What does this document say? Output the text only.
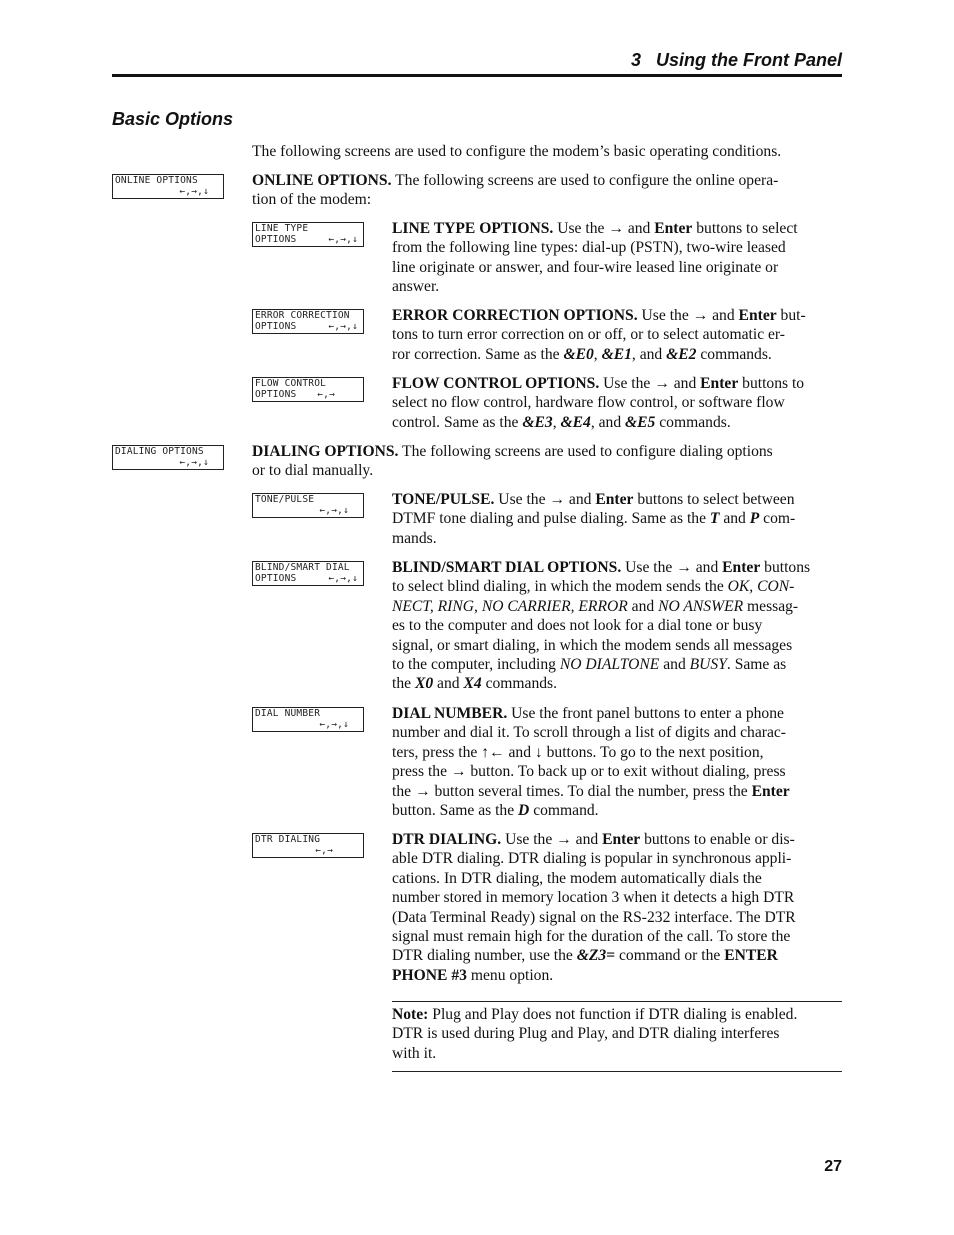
3   Using the Front Panel
Basic Options

The following screens are used to configure the modem’s basic operating conditions.

ONLINE OPTIONS
←,→,↓

ONLINE OPTIONS. The following screens are used to configure the online opera-
tion of the modem:

LINE TYPE
OPTIONS	←,→,↓

LINE TYPE OPTIONS. Use the → and Enter buttons to select
from the following line types: dial-up (PSTN), two-wire leased
line originate or answer, and four-wire leased line originate or
answer.

ERROR CORRECTION
OPTIONS	←,→,↓

ERROR CORRECTION OPTIONS. Use the → and Enter but-
tons to turn error correction on or off, or to select automatic er-
ror correction. Same as the &E0, &E1, and &E2 commands.

FLOW CONTROL
OPTIONS	←,→

FLOW CONTROL OPTIONS. Use the → and Enter buttons to
select no flow control, hardware flow control, or software flow
control. Same as the &E3, &E4, and &E5 commands.

DIALING OPTIONS
←,→,↓

DIALING OPTIONS. The following screens are used to configure dialing options
or to dial manually.

TONE/PULSE
←,→,↓

TONE/PULSE. Use the → and Enter buttons to select between
DTMF tone dialing and pulse dialing. Same as the T and P com-
mands.

BLIND/SMART DIAL
OPTIONS	←,→,↓

BLIND/SMART DIAL OPTIONS. Use the → and Enter buttons
to select blind dialing, in which the modem sends the OK, CON-
NECT, RING, NO CARRIER, ERROR and NO ANSWER messag-
es to the computer and does not look for a dial tone or busy
signal, or smart dialing, in which the modem sends all messages
to the computer, including NO DIALTONE and BUSY. Same as
the X0 and X4 commands.

DIAL NUMBER
←,→,↓

DIAL NUMBER. Use the front panel buttons to enter a phone
number and dial it. To scroll through a list of digits and charac-
ters, press the ↑← and ↓ buttons. To go to the next position,
press the → button. To back up or to exit without dialing, press
the → button several times. To dial the number, press the Enter
button. Same as the D command.

DTR DIALING
←,→

DTR DIALING. Use the → and Enter buttons to enable or dis-
able DTR dialing. DTR dialing is popular in synchronous appli-
cations. In DTR dialing, the modem automatically dials the
number stored in memory location 3 when it detects a high DTR
(Data Terminal Ready) signal on the RS-232 interface. The DTR
signal must remain high for the duration of the call. To store the
DTR dialing number, use the &Z3= command or the ENTER
PHONE #3 menu option.

Note: Plug and Play does not function if DTR dialing is enabled.
DTR is used during Plug and Play, and DTR dialing interferes
with it.
27
